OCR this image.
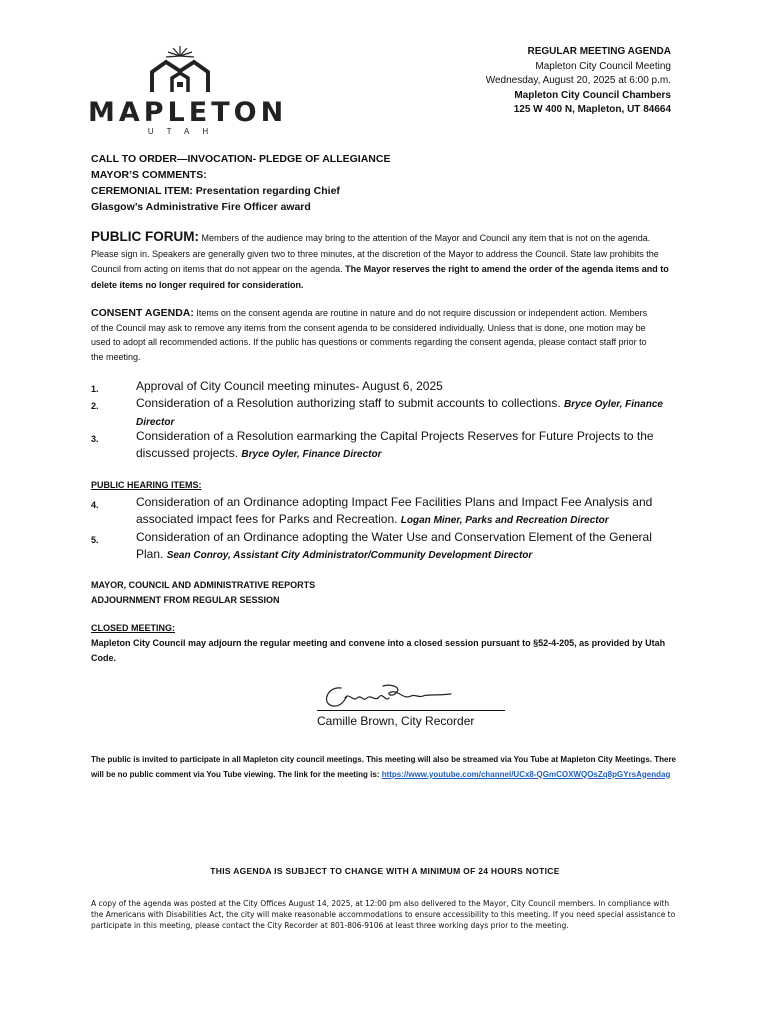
MAPLETON
UTAH
REGULAR MEETING AGENDA
Mapleton City Council Meeting
Wednesday, August 20, 2025 at 6:00 p.m.
Mapleton City Council Chambers
125 W 400 N, Mapleton, UT 84664
CALL TO ORDER—INVOCATION- PLEDGE OF ALLEGIANCE
MAYOR’S COMMENTS:
CEREMONIAL ITEM: Presentation regarding Chief
Glasgow’s Administrative Fire Officer award
PUBLIC FORUM: Members of the audience may bring to the attention of the Mayor and Council any item that is not on the agenda. Please sign in. Speakers are generally given two to three minutes, at the discretion of the Mayor to address the Council. State law prohibits the Council from acting on items that do not appear on the agenda. The Mayor reserves the right to amend the order of the agenda items and to delete items no longer required for consideration.
CONSENT AGENDA: Items on the consent agenda are routine in nature and do not require discussion or independent action. Members of the Council may ask to remove any items from the consent agenda to be considered individually. Unless that is done, one motion may be used to adopt all recommended actions. If the public has questions or comments regarding the consent agenda, please contact staff prior to the meeting.
1.	Approval of City Council meeting minutes- August 6, 2025
2.	Consideration of a Resolution authorizing staff to submit accounts to collections. Bryce Oyler, Finance Director
3.	Consideration of a Resolution earmarking the Capital Projects Reserves for Future Projects to the discussed projects. Bryce Oyler, Finance Director
PUBLIC HEARING ITEMS:
4.	Consideration of an Ordinance adopting Impact Fee Facilities Plans and Impact Fee Analysis and associated impact fees for Parks and Recreation. Logan Miner, Parks and Recreation Director
5.	Consideration of an Ordinance adopting the Water Use and Conservation Element of the General Plan. Sean Conroy, Assistant City Administrator/Community Development Director
MAYOR, COUNCIL AND ADMINISTRATIVE REPORTS
ADJOURNMENT FROM REGULAR SESSION
CLOSED MEETING:
Mapleton City Council may adjourn the regular meeting and convene into a closed session pursuant to §52-4-205, as provided by Utah Code.
Camille Brown, City Recorder
The public is invited to participate in all Mapleton city council meetings. This meeting will also be streamed via You Tube at Mapleton City Meetings. There will be no public comment via You Tube viewing. The link for the meeting is: https://www.youtube.com/channel/UCx8-QGmCOXWQOsZq8pGYrsAgendag
THIS AGENDA IS SUBJECT TO CHANGE WITH A MINIMUM OF 24 HOURS NOTICE
A copy of the agenda was posted at the City Offices August 14, 2025, at 12:00 pm also delivered to the Mayor, City Council members. In compliance with the Americans with Disabilities Act, the city will make reasonable accommodations to ensure accessibility to this meeting. If you need special assistance to participate in this meeting, please contact the City Recorder at 801-806-9106 at least three working days prior to the meeting.
